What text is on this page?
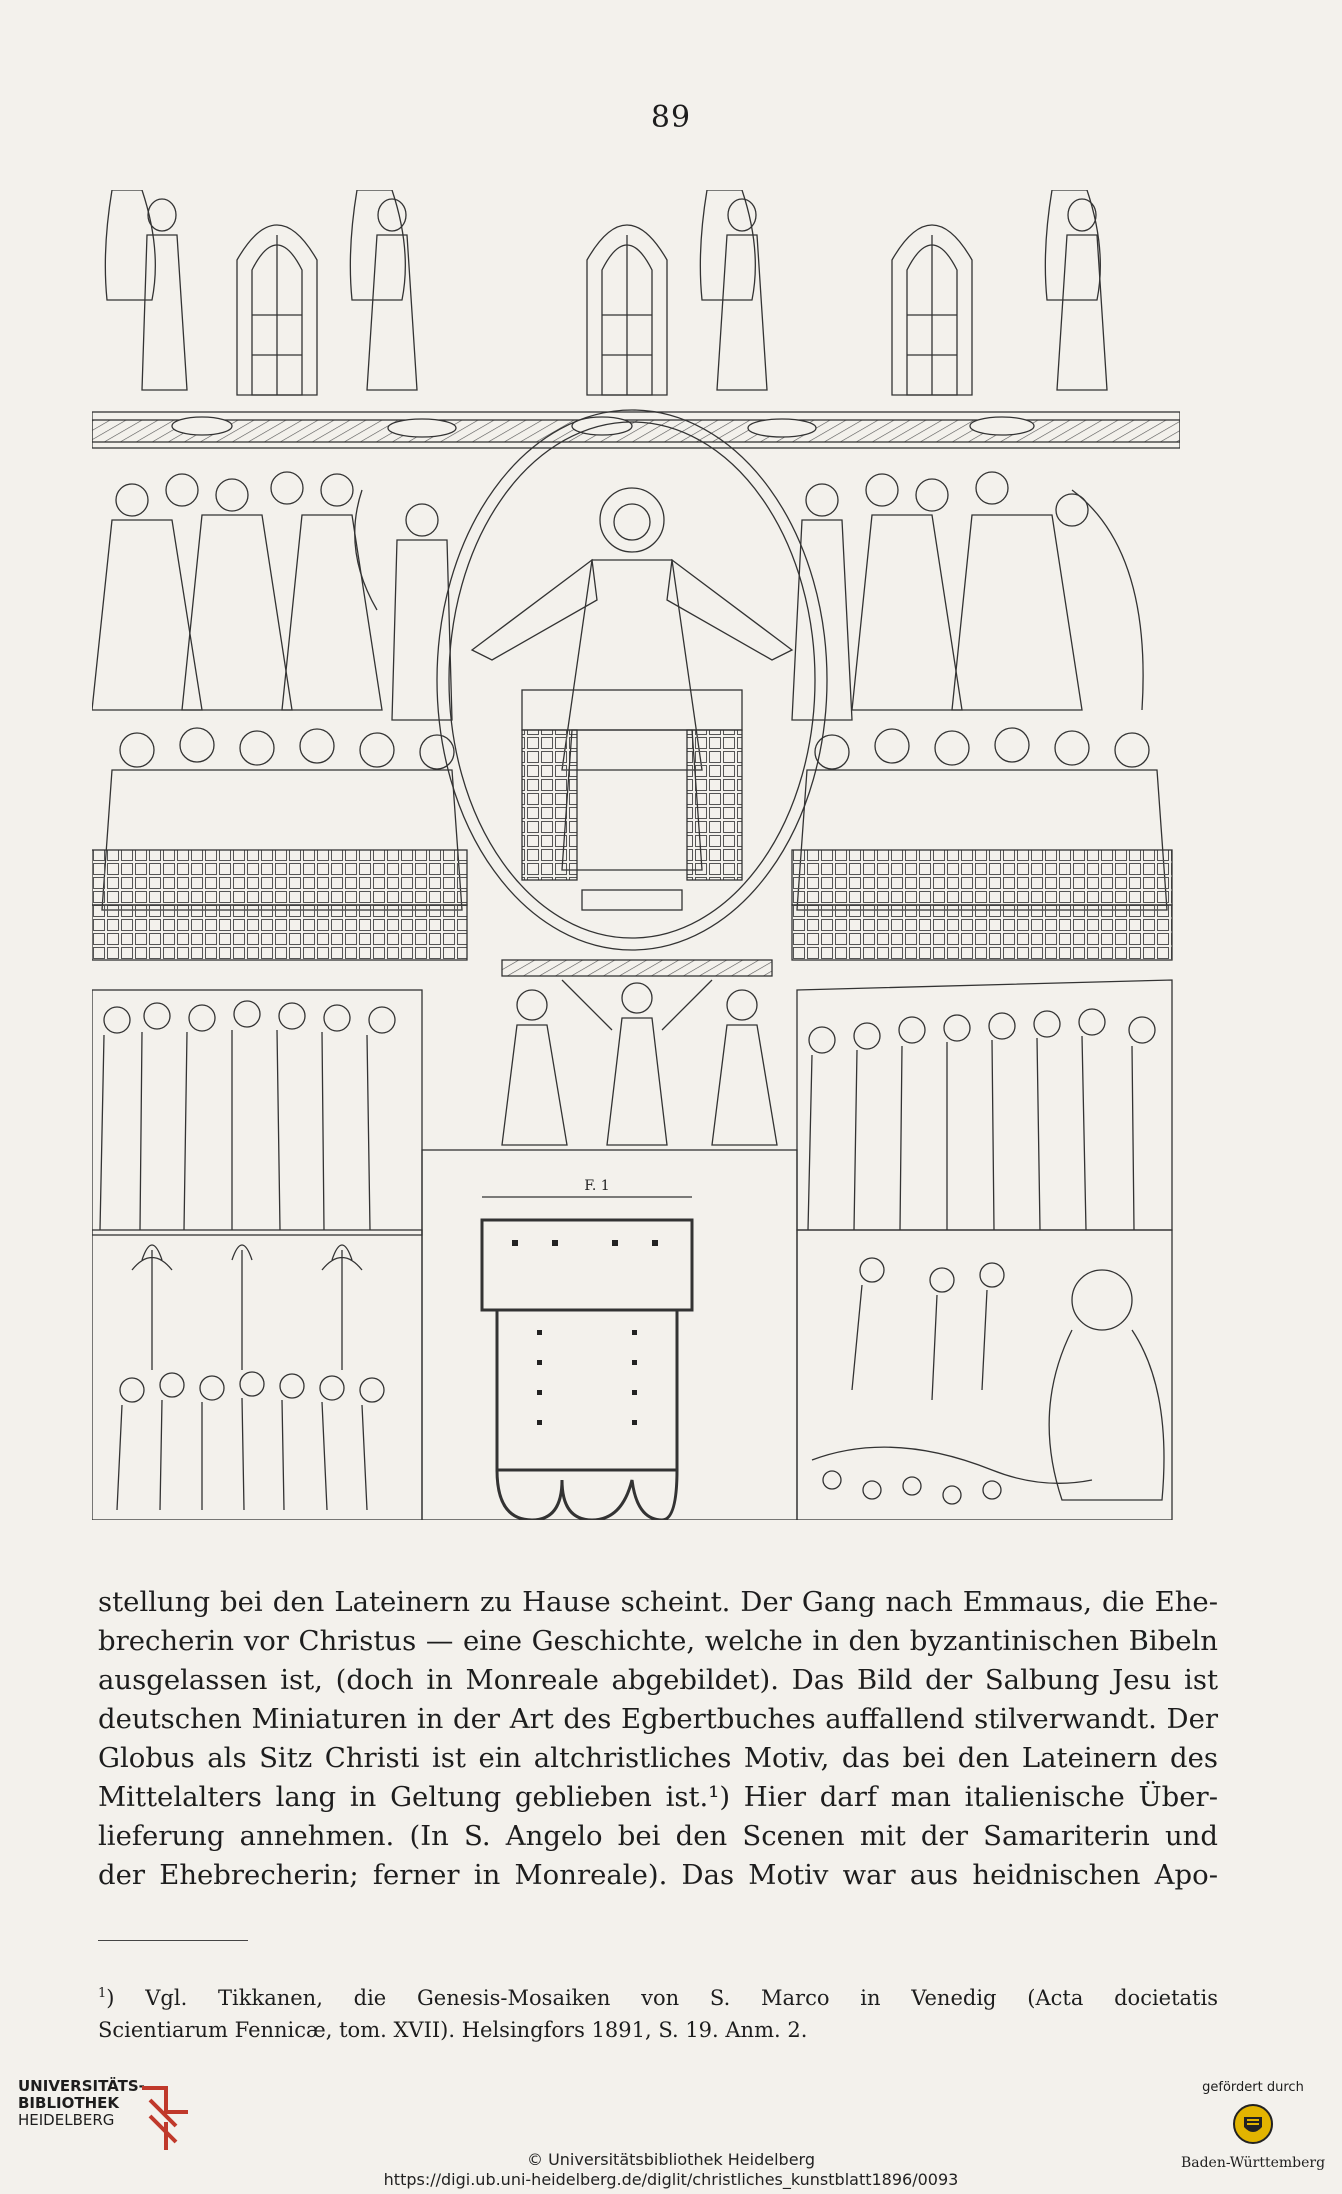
89
F. 1

stellung bei den Lateinern zu Hause scheint. Der Gang nach Emmaus, die Ehe-

brecherin vor Christus — eine Geschichte, welche in den byzantinischen Bibeln

ausgelassen ist, (doch in Monreale abgebildet). Das Bild der Salbung Jesu ist

deutschen Miniaturen in der Art des Egbertbuches auffallend stilverwandt. Der

Globus als Sitz Christi ist ein altchristliches Motiv, das bei den Lateinern des

Mittelalters lang in Geltung geblieben ist.¹) Hier darf man italienische Über-

lieferung annehmen. (In S. Angelo bei den Scenen mit der Samariterin und

der Ehebrecherin; ferner in Monreale). Das Motiv war aus heidnischen Apo-

$^1$) Vgl. Tikkanen, die Genesis-Mosaiken von S. Marco in Venedig (Acta docietatis

Scientiarum Fennicæ, tom. XVII). Helsingfors 1891, S. 19. Anm. 2.

UNIVERSITÄTS-
BIBLIOTHEK
HEIDELBERG
© Universitätsbibliothek Heidelberg
https://digi.ub.uni-heidelberg.de/diglit/christliches_kunstblatt1896/0093
gefördert durch
Baden-Württemberg
